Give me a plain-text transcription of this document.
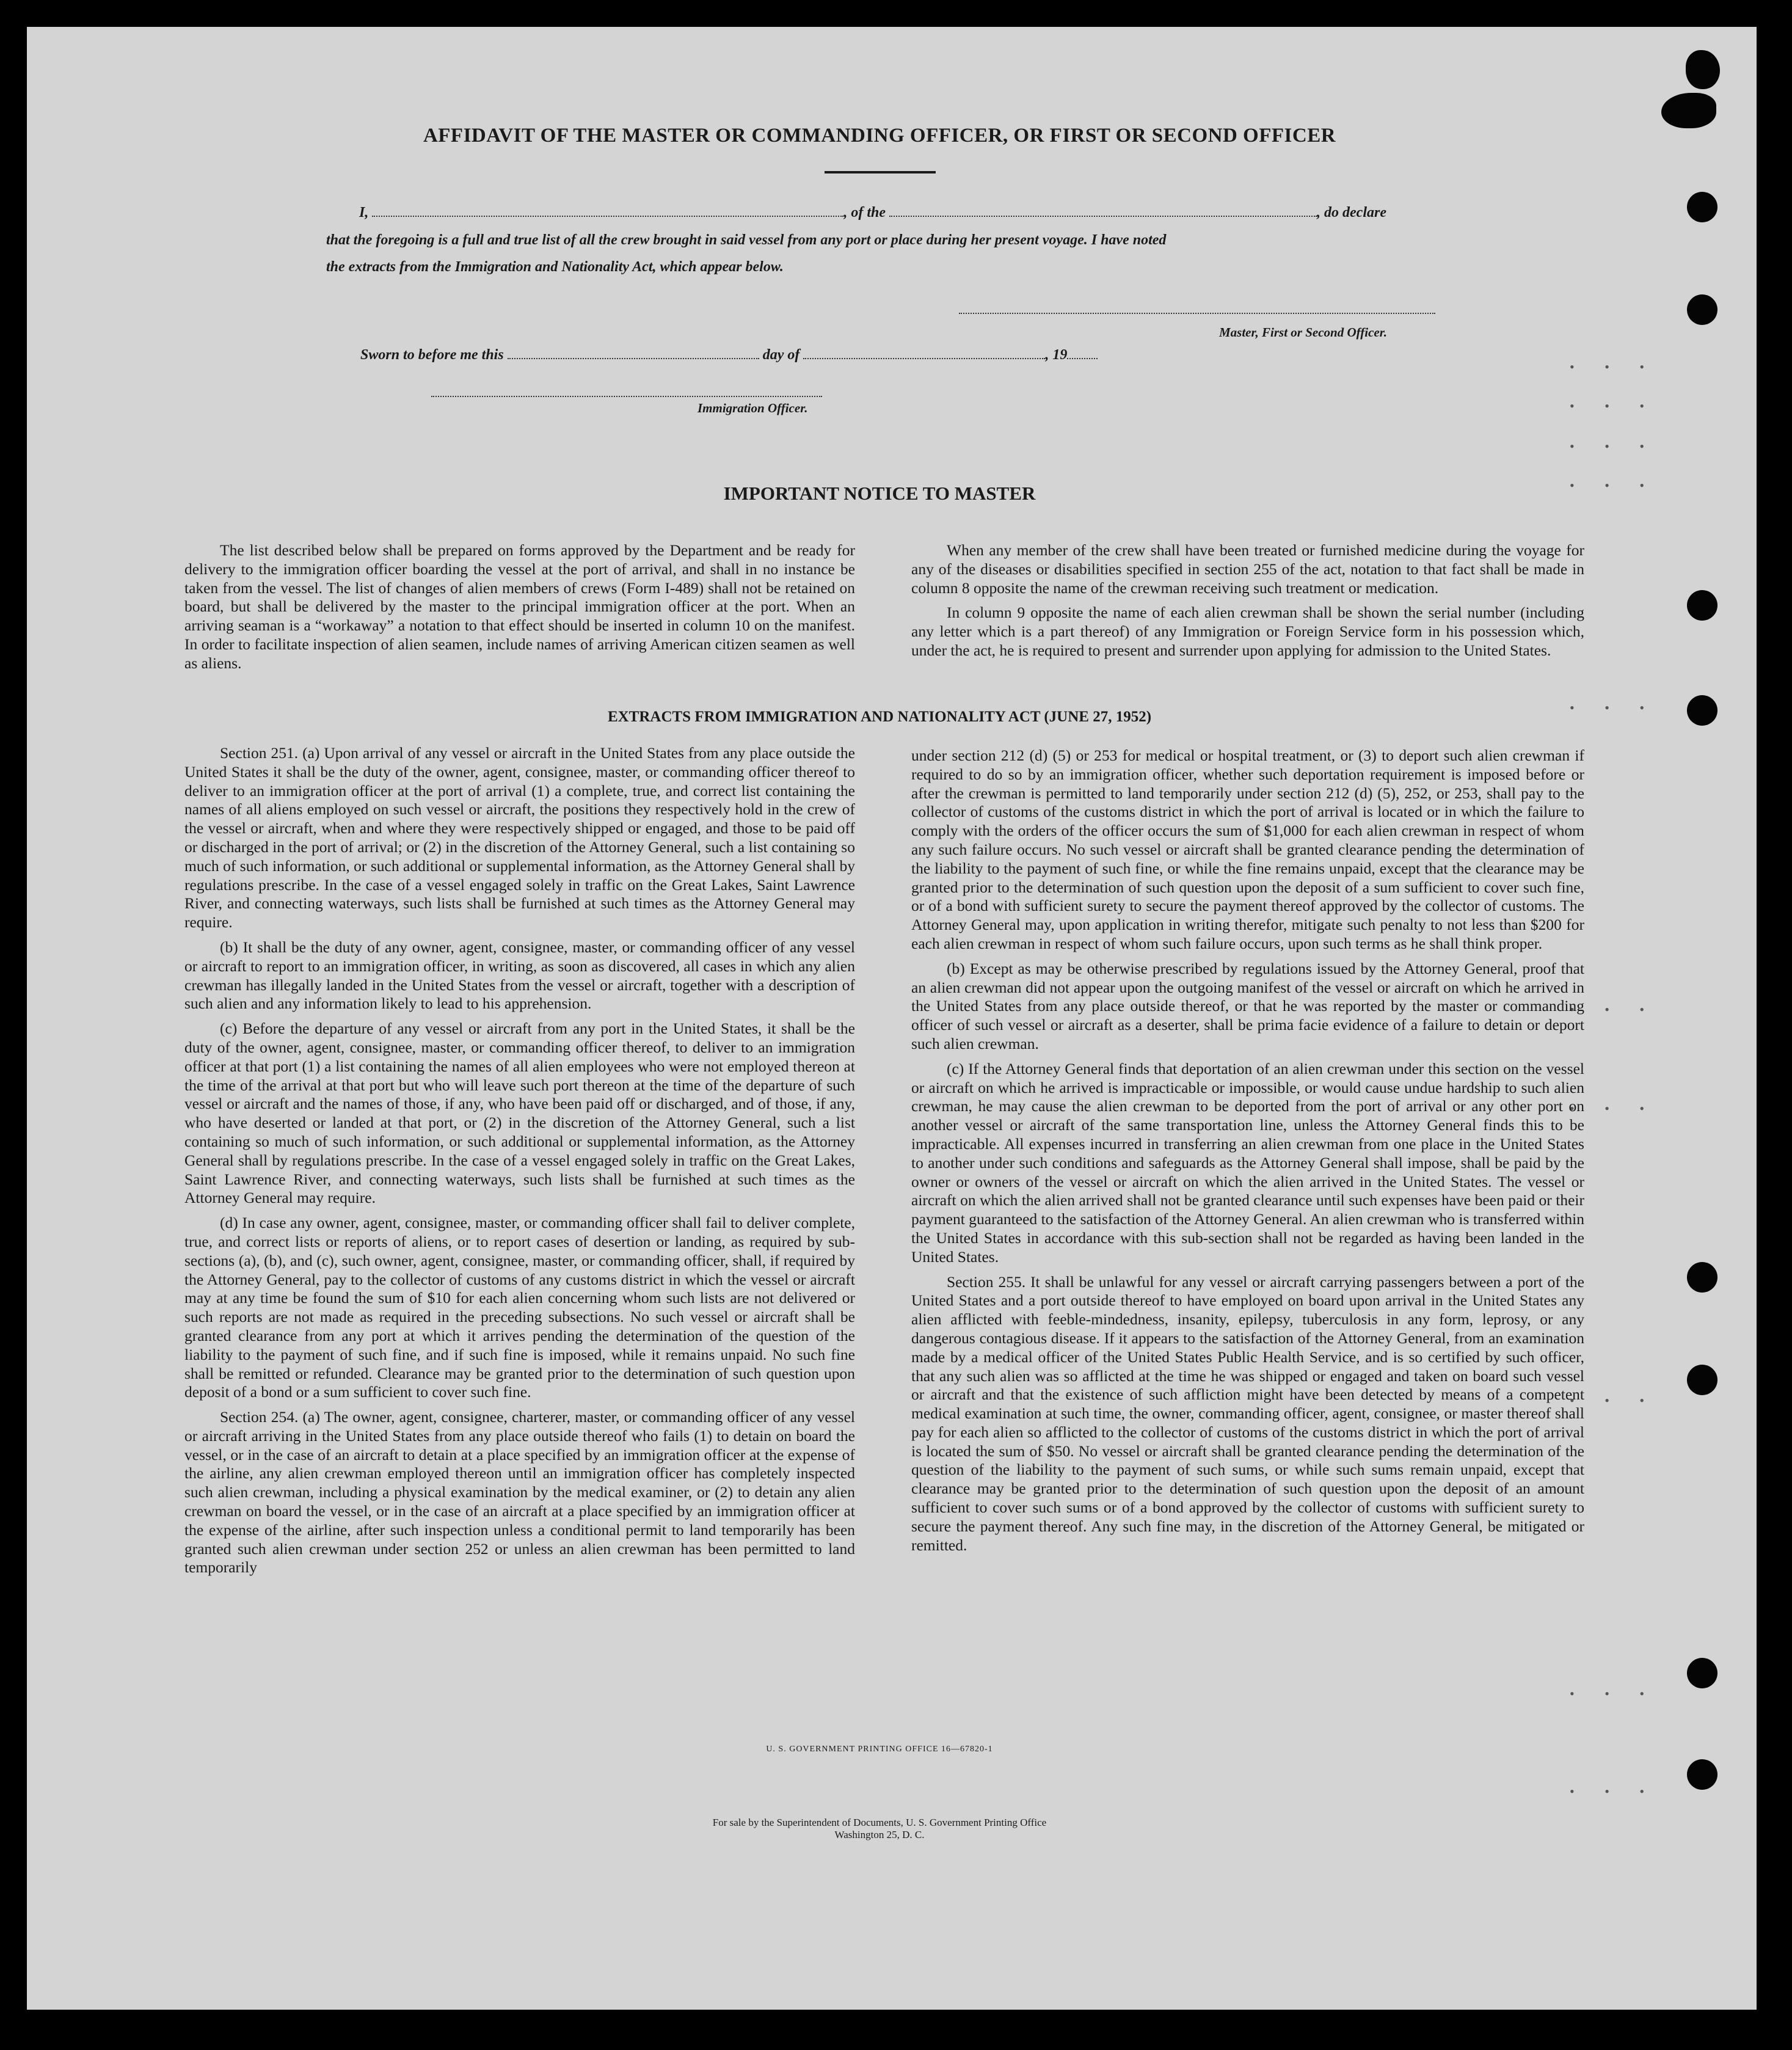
• • •
• • •
• • •
• • •
• • •
• • •
• • •
• • •
• • •
• • •
AFFIDAVIT OF THE MASTER OR COMMANDING OFFICER, OR FIRST OR SECOND OFFICER
I,	, of the	, do declare
that the foregoing is a full and true list of all the crew brought in said vessel from any port or place during her present voyage. I have noted
the extracts from the Immigration and Nationality Act, which appear below.
Master, First or Second Officer.
Sworn to before me this	day of	, 19
Immigration Officer.
IMPORTANT NOTICE TO MASTER

The list described below shall be prepared on forms approved by the Department and be ready for delivery to the immigration officer boarding the vessel at the port of arrival, and shall in no instance be taken from the vessel. The list of changes of alien members of crews (Form I-489) shall not be retained on board, but shall be delivered by the master to the principal immigration officer at the port. When an arriving seaman is a “workaway” a notation to that effect should be inserted in column 10 on the manifest. In order to facilitate inspection of alien seamen, include names of arriving American citizen seamen as well as aliens.

When any member of the crew shall have been treated or furnished medicine during the voyage for any of the diseases or disabilities specified in section 255 of the act, notation to that fact shall be made in column 8 opposite the name of the crewman receiving such treatment or medication.

In column 9 opposite the name of each alien crewman shall be shown the serial number (including any letter which is a part thereof) of any Immigration or Foreign Service form in his possession which, under the act, he is required to present and surrender upon applying for admission to the United States.

EXTRACTS FROM IMMIGRATION AND NATIONALITY ACT (JUNE 27, 1952)

Section 251. (a) Upon arrival of any vessel or aircraft in the United States from any place outside the United States it shall be the duty of the owner, agent, consignee, master, or commanding officer thereof to deliver to an immigration officer at the port of arrival (1) a complete, true, and correct list containing the names of all aliens employed on such vessel or aircraft, the positions they respectively hold in the crew of the vessel or aircraft, when and where they were respectively shipped or engaged, and those to be paid off or discharged in the port of arrival; or (2) in the discretion of the Attorney General, such a list containing so much of such information, or such additional or supplemental information, as the Attorney General shall by regulations prescribe. In the case of a vessel engaged solely in traffic on the Great Lakes, Saint Lawrence River, and connecting waterways, such lists shall be furnished at such times as the Attorney General may require.

(b) It shall be the duty of any owner, agent, consignee, master, or commanding officer of any vessel or aircraft to report to an immigration officer, in writing, as soon as discovered, all cases in which any alien crewman has illegally landed in the United States from the vessel or aircraft, together with a description of such alien and any information likely to lead to his apprehension.

(c) Before the departure of any vessel or aircraft from any port in the United States, it shall be the duty of the owner, agent, consignee, master, or commanding officer thereof, to deliver to an immigration officer at that port (1) a list containing the names of all alien employees who were not employed thereon at the time of the arrival at that port but who will leave such port thereon at the time of the departure of such vessel or aircraft and the names of those, if any, who have been paid off or discharged, and of those, if any, who have deserted or landed at that port, or (2) in the discretion of the Attorney General, such a list containing so much of such information, or such additional or supplemental information, as the Attorney General shall by regulations prescribe. In the case of a vessel engaged solely in traffic on the Great Lakes, Saint Lawrence River, and connecting waterways, such lists shall be furnished at such times as the Attorney General may require.

(d) In case any owner, agent, consignee, master, or commanding officer shall fail to deliver complete, true, and correct lists or reports of aliens, or to report cases of desertion or landing, as required by sub-sections (a), (b), and (c), such owner, agent, consignee, master, or commanding officer, shall, if required by the Attorney General, pay to the collector of customs of any customs district in which the vessel or aircraft may at any time be found the sum of $10 for each alien concerning whom such lists are not delivered or such reports are not made as required in the preceding subsections. No such vessel or aircraft shall be granted clearance from any port at which it arrives pending the determination of the question of the liability to the payment of such fine, and if such fine is imposed, while it remains unpaid. No such fine shall be remitted or refunded. Clearance may be granted prior to the determination of such question upon deposit of a bond or a sum sufficient to cover such fine.

Section 254. (a) The owner, agent, consignee, charterer, master, or commanding officer of any vessel or aircraft arriving in the United States from any place outside thereof who fails (1) to detain on board the vessel, or in the case of an aircraft to detain at a place specified by an immigration officer at the expense of the airline, any alien crewman employed thereon until an immigration officer has completely inspected such alien crewman, including a physical examination by the medical examiner, or (2) to detain any alien crewman on board the vessel, or in the case of an aircraft at a place specified by an immigration officer at the expense of the airline, after such inspection unless a conditional permit to land temporarily has been granted such alien crewman under section 252 or unless an alien crewman has been permitted to land temporarily

under section 212 (d) (5) or 253 for medical or hospital treatment, or (3) to deport such alien crewman if required to do so by an immigration officer, whether such deportation requirement is imposed before or after the crewman is permitted to land temporarily under section 212 (d) (5), 252, or 253, shall pay to the collector of customs of the customs district in which the port of arrival is located or in which the failure to comply with the orders of the officer occurs the sum of $1,000 for each alien crewman in respect of whom any such failure occurs. No such vessel or aircraft shall be granted clearance pending the determination of the liability to the payment of such fine, or while the fine remains unpaid, except that the clearance may be granted prior to the determination of such question upon the deposit of a sum sufficient to cover such fine, or of a bond with sufficient surety to secure the payment thereof approved by the collector of customs. The Attorney General may, upon application in writing therefor, mitigate such penalty to not less than $200 for each alien crewman in respect of whom such failure occurs, upon such terms as he shall think proper.

(b) Except as may be otherwise prescribed by regulations issued by the Attorney General, proof that an alien crewman did not appear upon the outgoing manifest of the vessel or aircraft on which he arrived in the United States from any place outside thereof, or that he was reported by the master or commanding officer of such vessel or aircraft as a deserter, shall be prima facie evidence of a failure to detain or deport such alien crewman.

(c) If the Attorney General finds that deportation of an alien crewman under this section on the vessel or aircraft on which he arrived is impracticable or impossible, or would cause undue hardship to such alien crewman, he may cause the alien crewman to be deported from the port of arrival or any other port on another vessel or aircraft of the same transportation line, unless the Attorney General finds this to be impracticable. All expenses incurred in transferring an alien crewman from one place in the United States to another under such conditions and safeguards as the Attorney General shall impose, shall be paid by the owner or owners of the vessel or aircraft on which the alien arrived in the United States. The vessel or aircraft on which the alien arrived shall not be granted clearance until such expenses have been paid or their payment guaranteed to the satisfaction of the Attorney General. An alien crewman who is transferred within the United States in accordance with this sub-section shall not be regarded as having been landed in the United States.

Section 255. It shall be unlawful for any vessel or aircraft carrying passengers between a port of the United States and a port outside thereof to have employed on board upon arrival in the United States any alien afflicted with feeble-mindedness, insanity, epilepsy, tuberculosis in any form, leprosy, or any dangerous contagious disease. If it appears to the satisfaction of the Attorney General, from an examination made by a medical officer of the United States Public Health Service, and is so certified by such officer, that any such alien was so afflicted at the time he was shipped or engaged and taken on board such vessel or aircraft and that the existence of such affliction might have been detected by means of a competent medical examination at such time, the owner, commanding officer, agent, consignee, or master thereof shall pay for each alien so afflicted to the collector of customs of the customs district in which the port of arrival is located the sum of $50. No vessel or aircraft shall be granted clearance pending the determination of the question of the liability to the payment of such sums, or while such sums remain unpaid, except that clearance may be granted prior to the determination of such question upon the deposit of an amount sufficient to cover such sums or of a bond approved by the collector of customs with sufficient surety to secure the payment thereof. Any such fine may, in the discretion of the Attorney General, be mitigated or remitted.

U. S. GOVERNMENT PRINTING OFFICE 16—67820-1
For sale by the Superintendent of Documents, U. S. Government Printing Office
Washington 25, D. C.
